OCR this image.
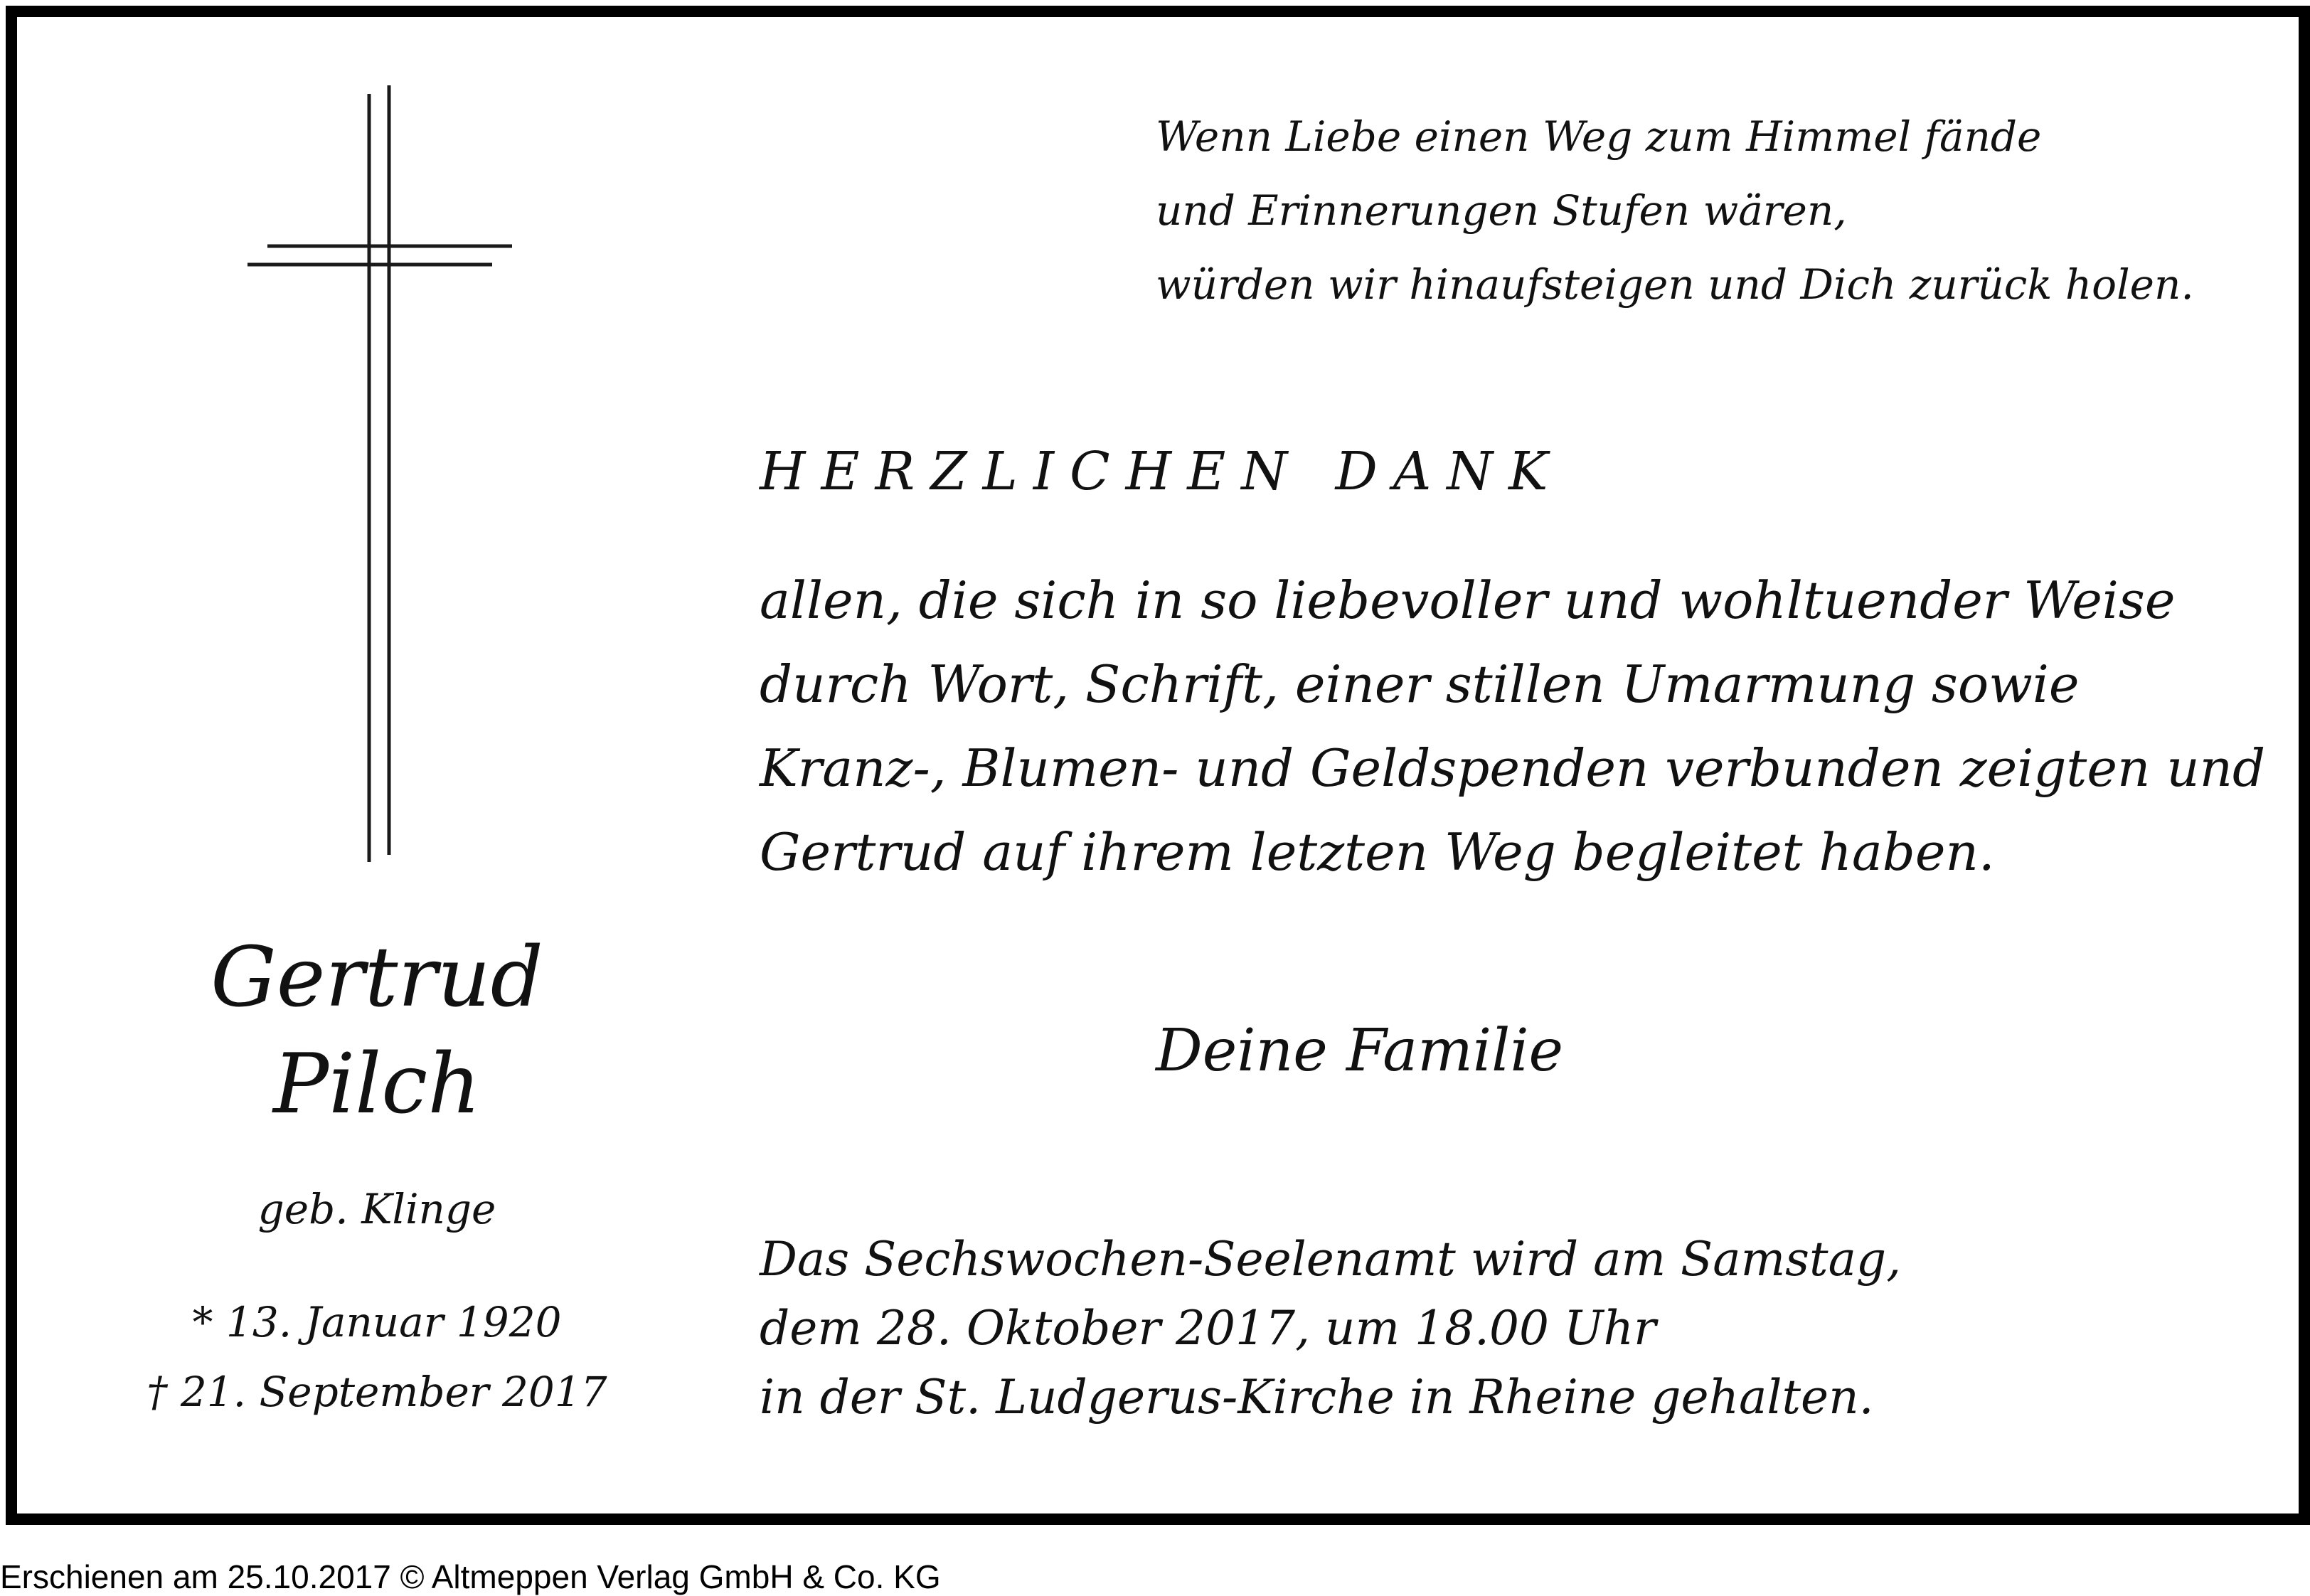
Wenn Liebe einen Weg zum Himmel fände
und Erinnerungen Stufen wären,
würden wir hinaufsteigen und Dich zurück holen.
HERZLICHEN DANK
allen, die sich in so liebevoller und wohltuender Weise
durch Wort, Schrift, einer stillen Umarmung sowie
Kranz-, Blumen- und Geldspenden verbunden zeigten und
Gertrud auf ihrem letzten Weg begleitet haben.
Deine Familie
Das Sechswochen-Seelenamt wird am Samstag,
dem 28. Oktober 2017, um 18.00 Uhr
in der St. Ludgerus-Kirche in Rheine gehalten.
Gertrud
Pilch
geb. Klinge
* 13. Januar 1920
† 21. September 2017
Erschienen am 25.10.2017 © Altmeppen Verlag GmbH & Co. KG
